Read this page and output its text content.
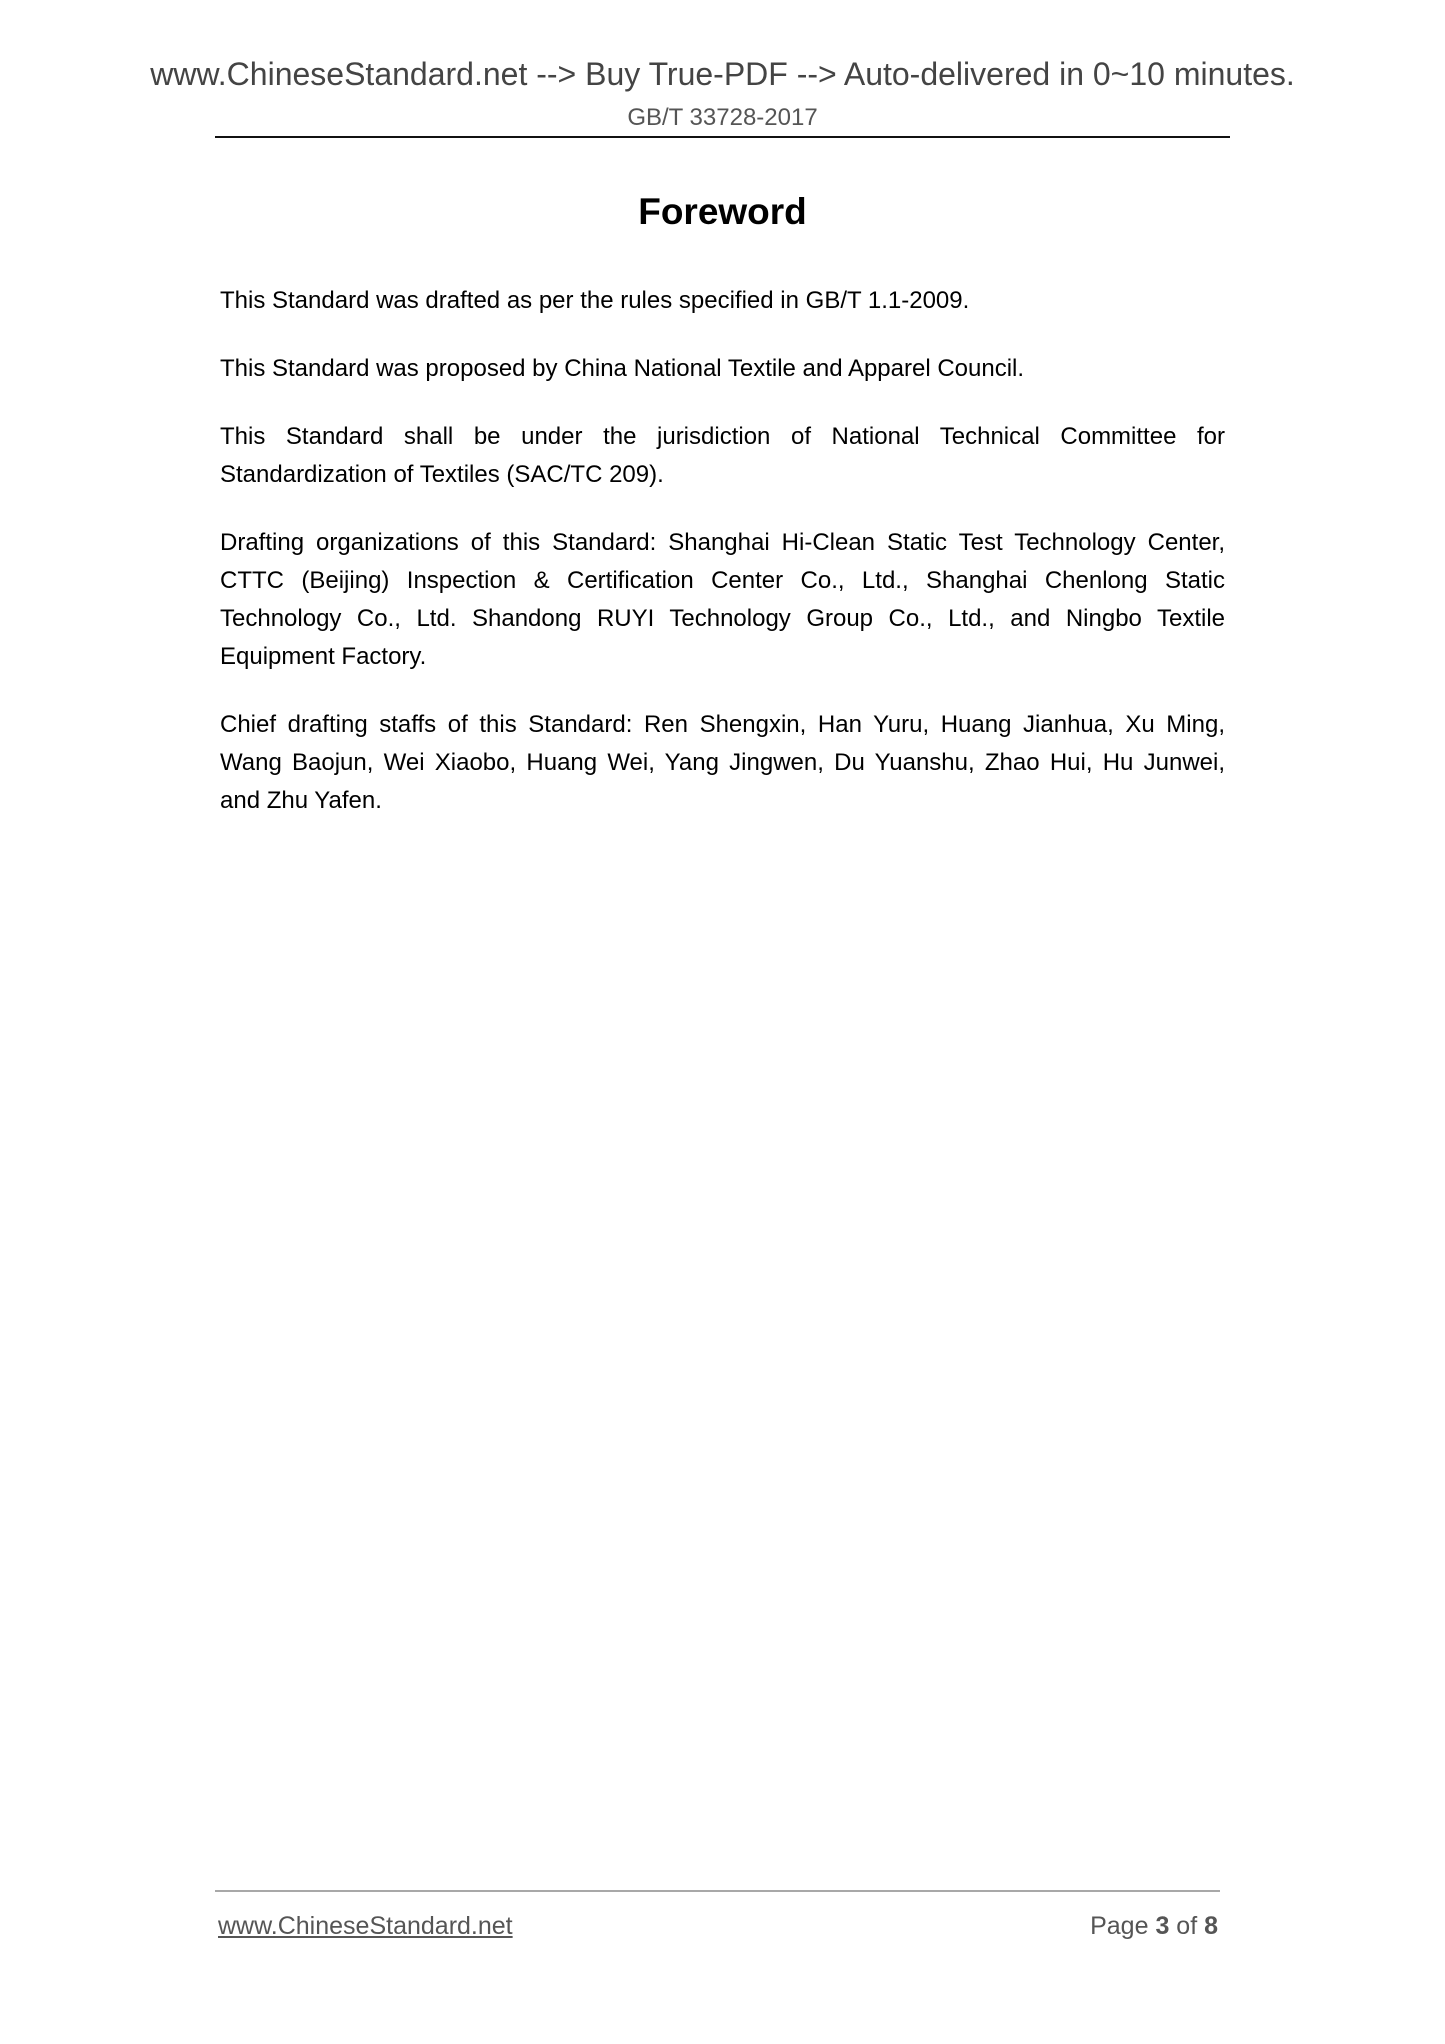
www.ChineseStandard.net --> Buy True-PDF --> Auto-delivered in 0~10 minutes.
GB/T 33728-2017
Foreword

This Standard was drafted as per the rules specified in GB/T 1.1-2009.

This Standard was proposed by China National Textile and Apparel Council.

This Standard shall be under the jurisdiction of National Technical Committee for Standardization of Textiles (SAC/TC 209).

Drafting organizations of this Standard: Shanghai Hi-Clean Static Test Technology Center, CTTC (Beijing) Inspection & Certification Center Co., Ltd., Shanghai Chenlong Static Technology Co., Ltd. Shandong RUYI Technology Group Co., Ltd., and Ningbo Textile Equipment Factory.

Chief drafting staffs of this Standard: Ren Shengxin, Han Yuru, Huang Jianhua, Xu Ming, Wang Baojun, Wei Xiaobo, Huang Wei, Yang Jingwen, Du Yuanshu, Zhao Hui, Hu Junwei, and Zhu Yafen.

www.ChineseStandard.net	Page 3 of 8
